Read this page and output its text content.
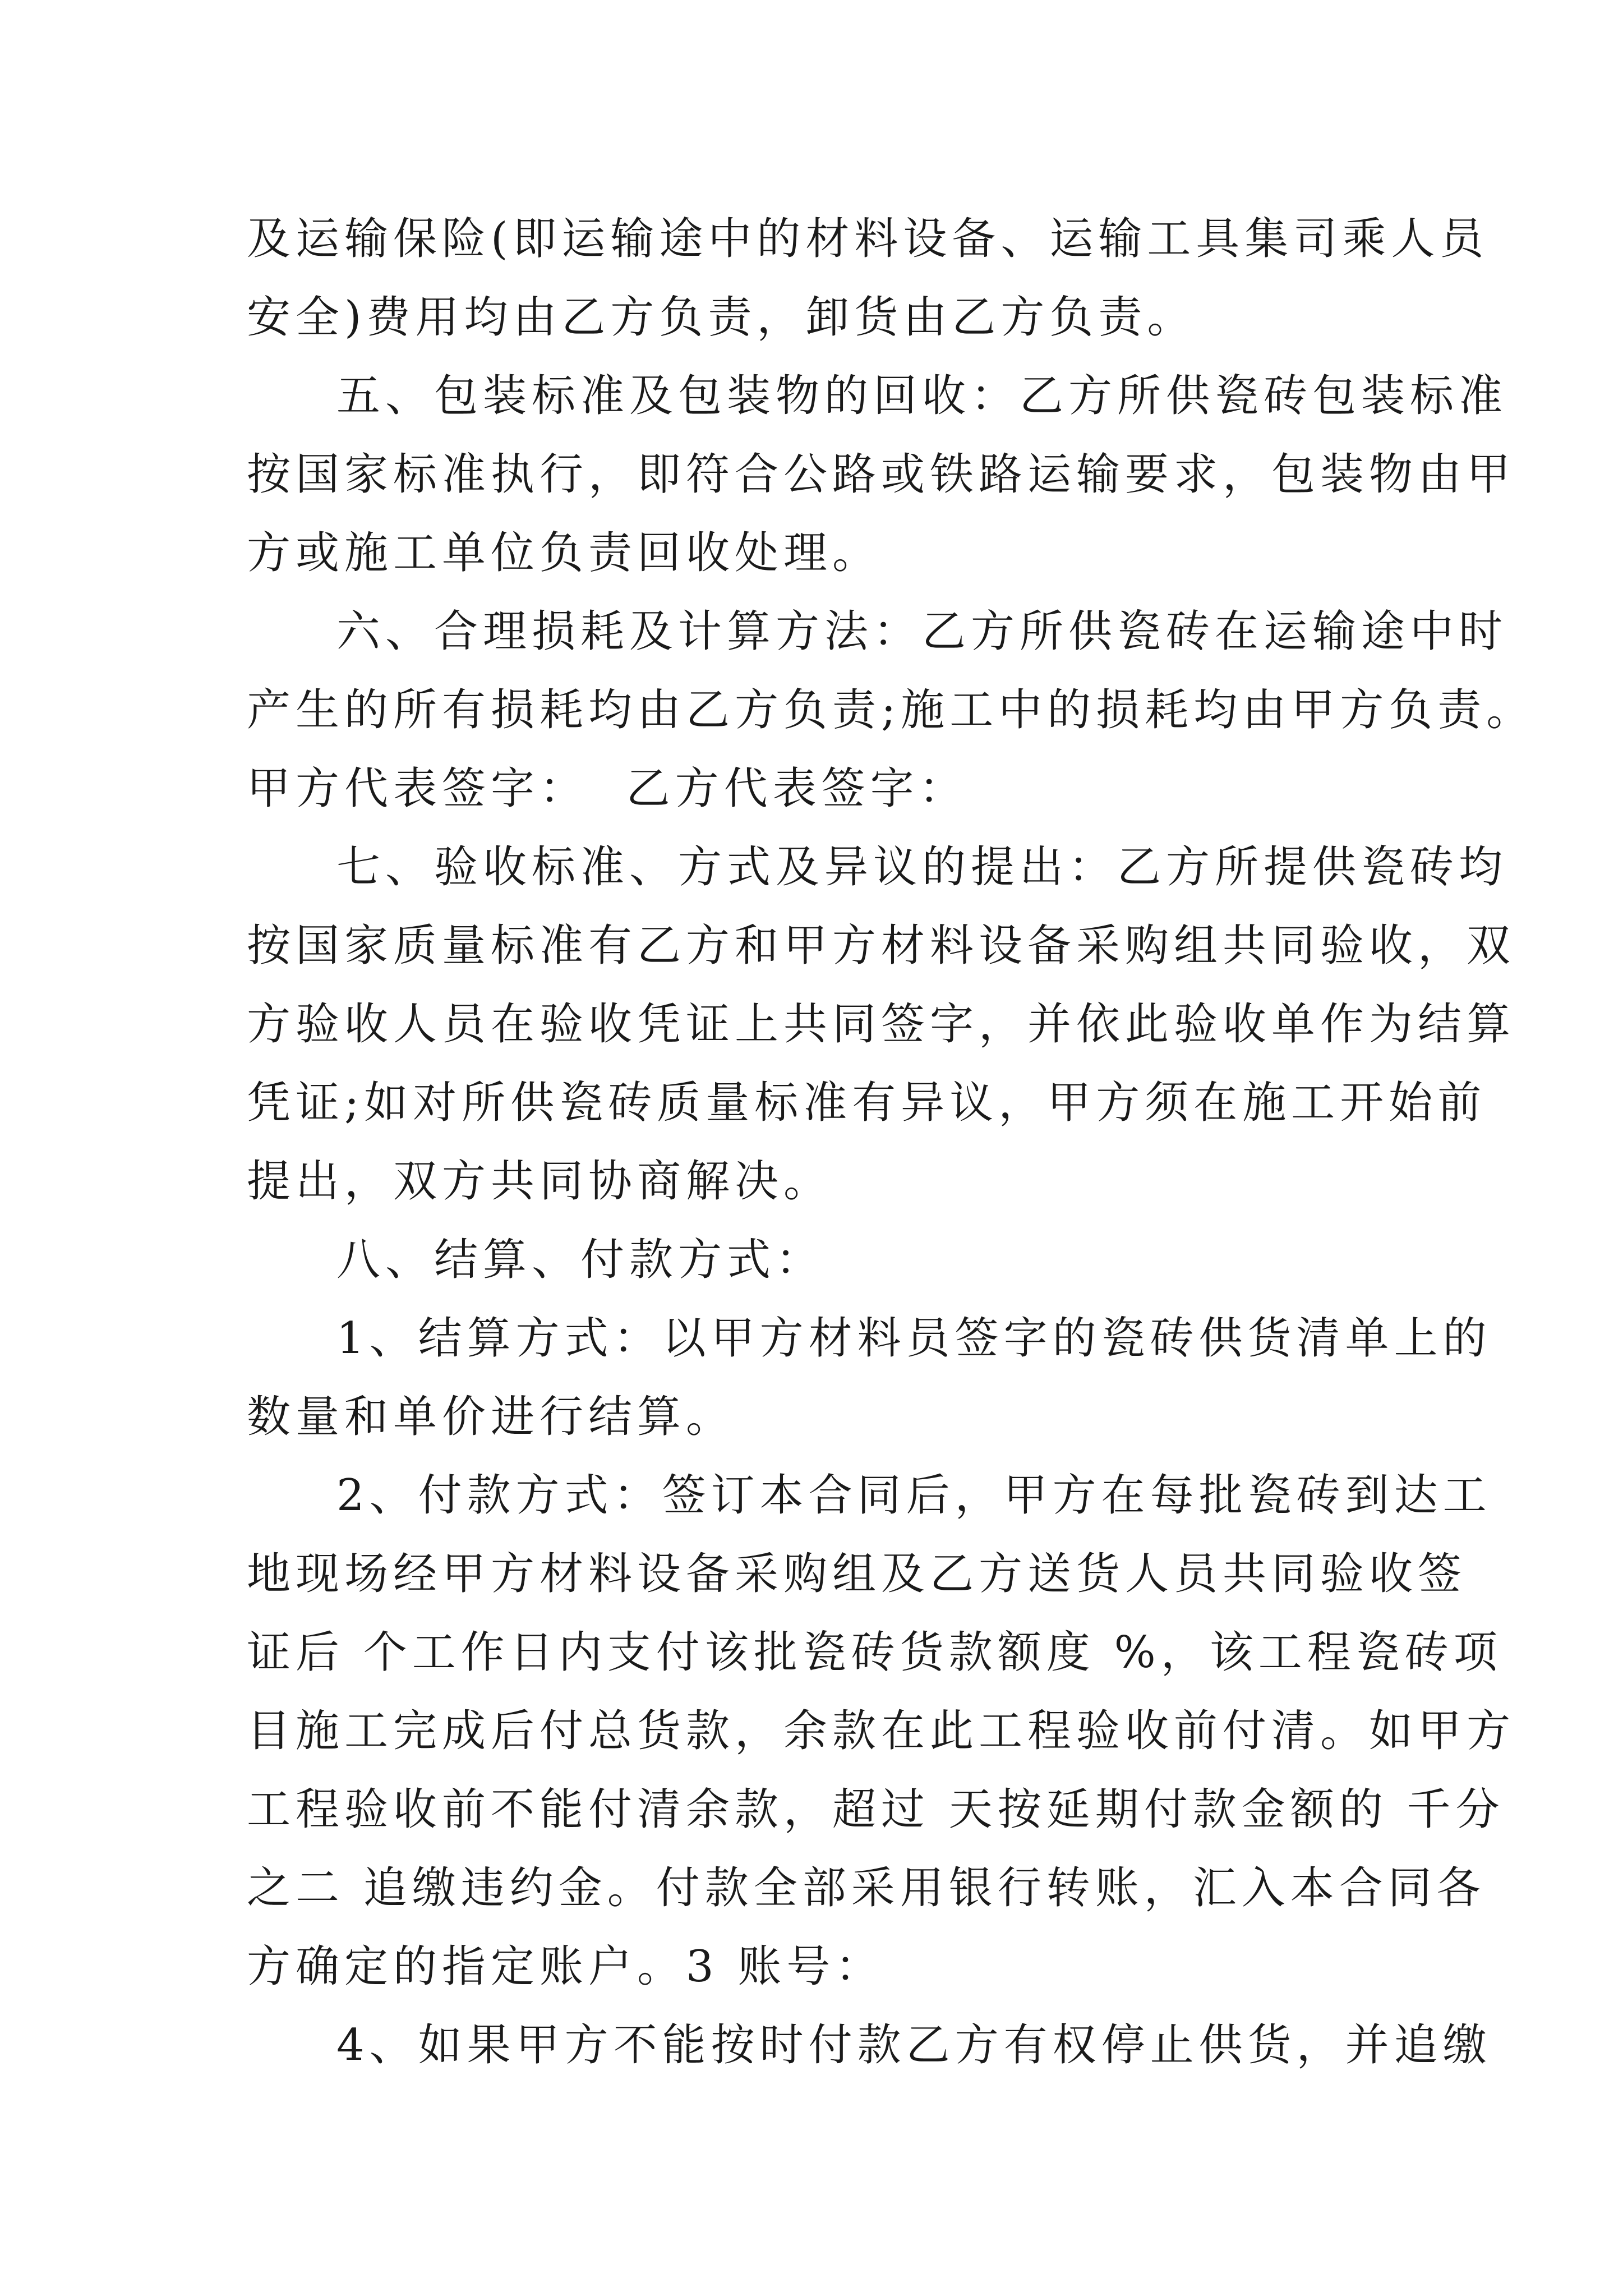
及运输保险(即运输途中的材料设备、运输工具集司乘人员
安全)费用均由乙方负责，卸货由乙方负责。
五、包装标准及包装物的回收：乙方所供瓷砖包装标准
按国家标准执行，即符合公路或铁路运输要求，包装物由甲
方或施工单位负责回收处理。
六、合理损耗及计算方法：乙方所供瓷砖在运输途中时
产生的所有损耗均由乙方负责;施工中的损耗均由甲方负责。
甲方代表签字：  乙方代表签字：
七、验收标准、方式及异议的提出：乙方所提供瓷砖均
按国家质量标准有乙方和甲方材料设备采购组共同验收，双
方验收人员在验收凭证上共同签字，并依此验收单作为结算
凭证;如对所供瓷砖质量标准有异议，甲方须在施工开始前
提出，双方共同协商解决。
八、结算、付款方式：
1、结算方式：以甲方材料员签字的瓷砖供货清单上的
数量和单价进行结算。
2、付款方式：签订本合同后，甲方在每批瓷砖到达工
地现场经甲方材料设备采购组及乙方送货人员共同验收签
证后 个工作日内支付该批瓷砖货款额度 %，该工程瓷砖项
目施工完成后付总货款，余款在此工程验收前付清。如甲方
工程验收前不能付清余款，超过 天按延期付款金额的 千分
之二 追缴违约金。付款全部采用银行转账，汇入本合同各
方确定的指定账户。3 账号：
4、如果甲方不能按时付款乙方有权停止供货，并追缴
